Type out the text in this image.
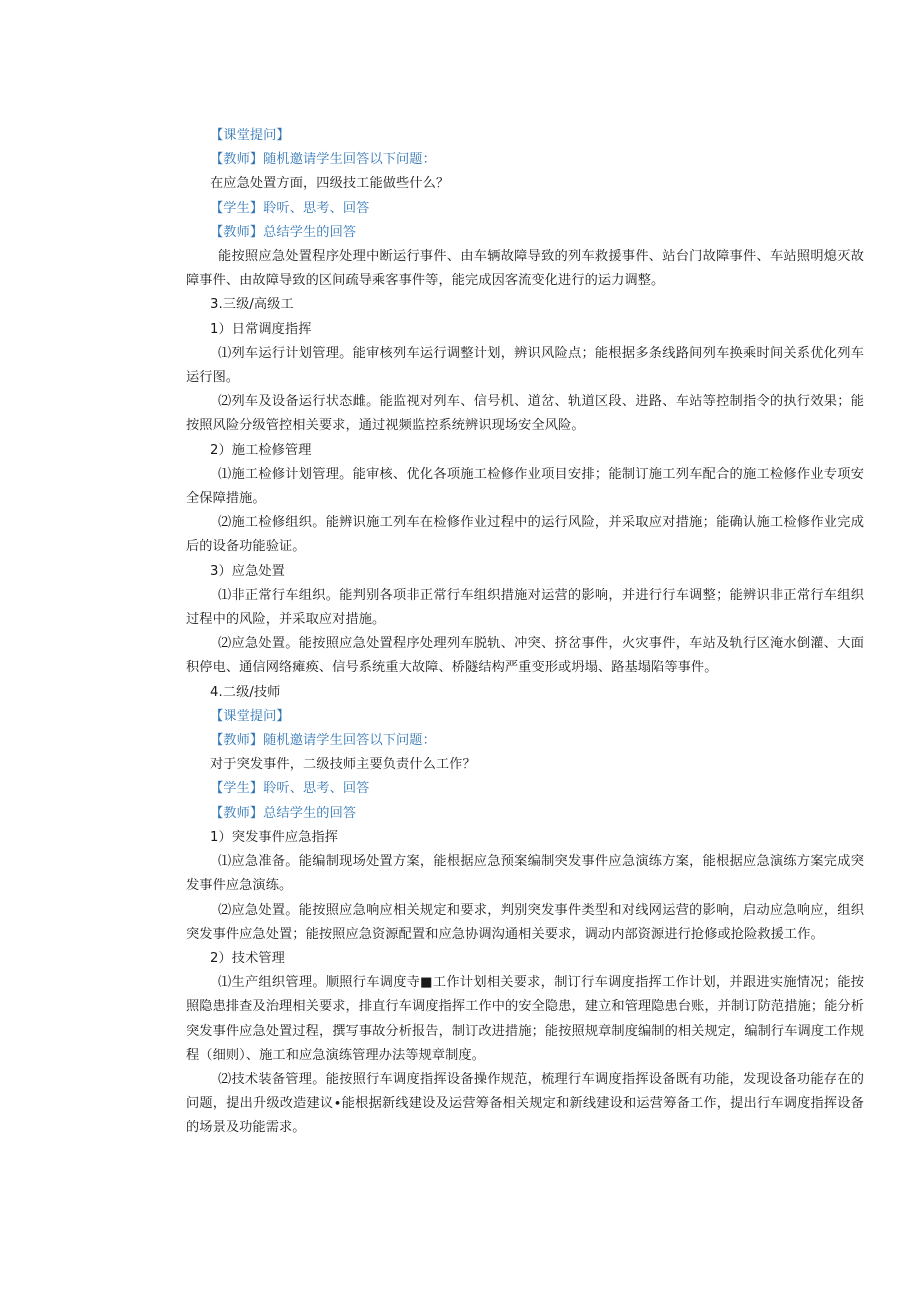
【课堂提问】

【教师】随机邀请学生回答以下问题：

在应急处置方面，四级技工能做些什么？

【学生】聆听、思考、回答

【教师】总结学生的回答

能按照应急处置程序处理中断运行事件、由车辆故障导致的列车救援事件、站台门故障事件、车站照明熄灭故障事件、由故障导致的区间疏导乘客事件等，能完成因客流变化进行的运力调整。

3.三级/高级工

1）日常调度指挥

⑴列车运行计划管理。能审核列车运行调整计划，辨识风险点；能根据多条线路间列车换乘时间关系优化列车运行图。

⑵列车及设备运行状态雌。能监视对列车、信号机、道岔、轨道区段、进路、车站等控制指令的执行效果；能按照风险分级管控相关要求，通过视频监控系统辨识现场安全风险。

2）施工检修管理

⑴施工检修计划管理。能审核、优化各项施工检修作业项目安排；能制订施工列车配合的施工检修作业专项安全保障措施。

⑵施工检修组织。能辨识施工列车在检修作业过程中的运行风险，并采取应对措施；能确认施工检修作业完成后的设备功能验证。

3）应急处置

⑴非正常行车组织。能判别各项非正常行车组织措施对运营的影响，并进行行车调整；能辨识非正常行车组织过程中的风险，并采取应对措施。

⑵应急处置。能按照应急处置程序处理列车脱轨、冲突、挤岔事件，火灾事件，车站及轨行区淹水倒灌、大面积停电、通信网络瘫痪、信号系统重大故障、桥隧结构严重变形或坍塌、路基塌陷等事件。

4.二级/技师

【课堂提问】

【教师】随机邀请学生回答以下问题：

对于突发事件，二级技师主要负责什么工作？

【学生】聆听、思考、回答

【教师】总结学生的回答

1）突发事件应急指挥

⑴应急准备。能编制现场处置方案，能根据应急预案编制突发事件应急演练方案，能根据应急演练方案完成突发事件应急演练。

⑵应急处置。能按照应急响应相关规定和要求，判别突发事件类型和对线网运营的影响，启动应急响应，组织突发事件应急处置；能按照应急资源配置和应急协调沟通相关要求，调动内部资源进行抢修或抢险救援工作。

2）技术管理

⑴生产组织管理。顺照行车调度寺■工作计划相关要求，制订行车调度指挥工作计划，并跟进实施情况；能按照隐患排查及治理相关要求，排直行车调度指挥工作中的安全隐患，建立和管理隐患台账，并制订防范措施；能分析突发事件应急处置过程，撰写事故分析报告，制订改进措施；能按照规章制度编制的相关规定，编制行车调度工作规程（细则）、施工和应急演练管理办法等规章制度。

⑵技术装备管理。能按照行车调度指挥设备操作规范，梳理行车调度指挥设备既有功能，发现设备功能存在的问题，提出升级改造建议∙能根据新线建设及运营筹备相关规定和新线建设和运营筹备工作，提出行车调度指挥设备的场景及功能需求。
